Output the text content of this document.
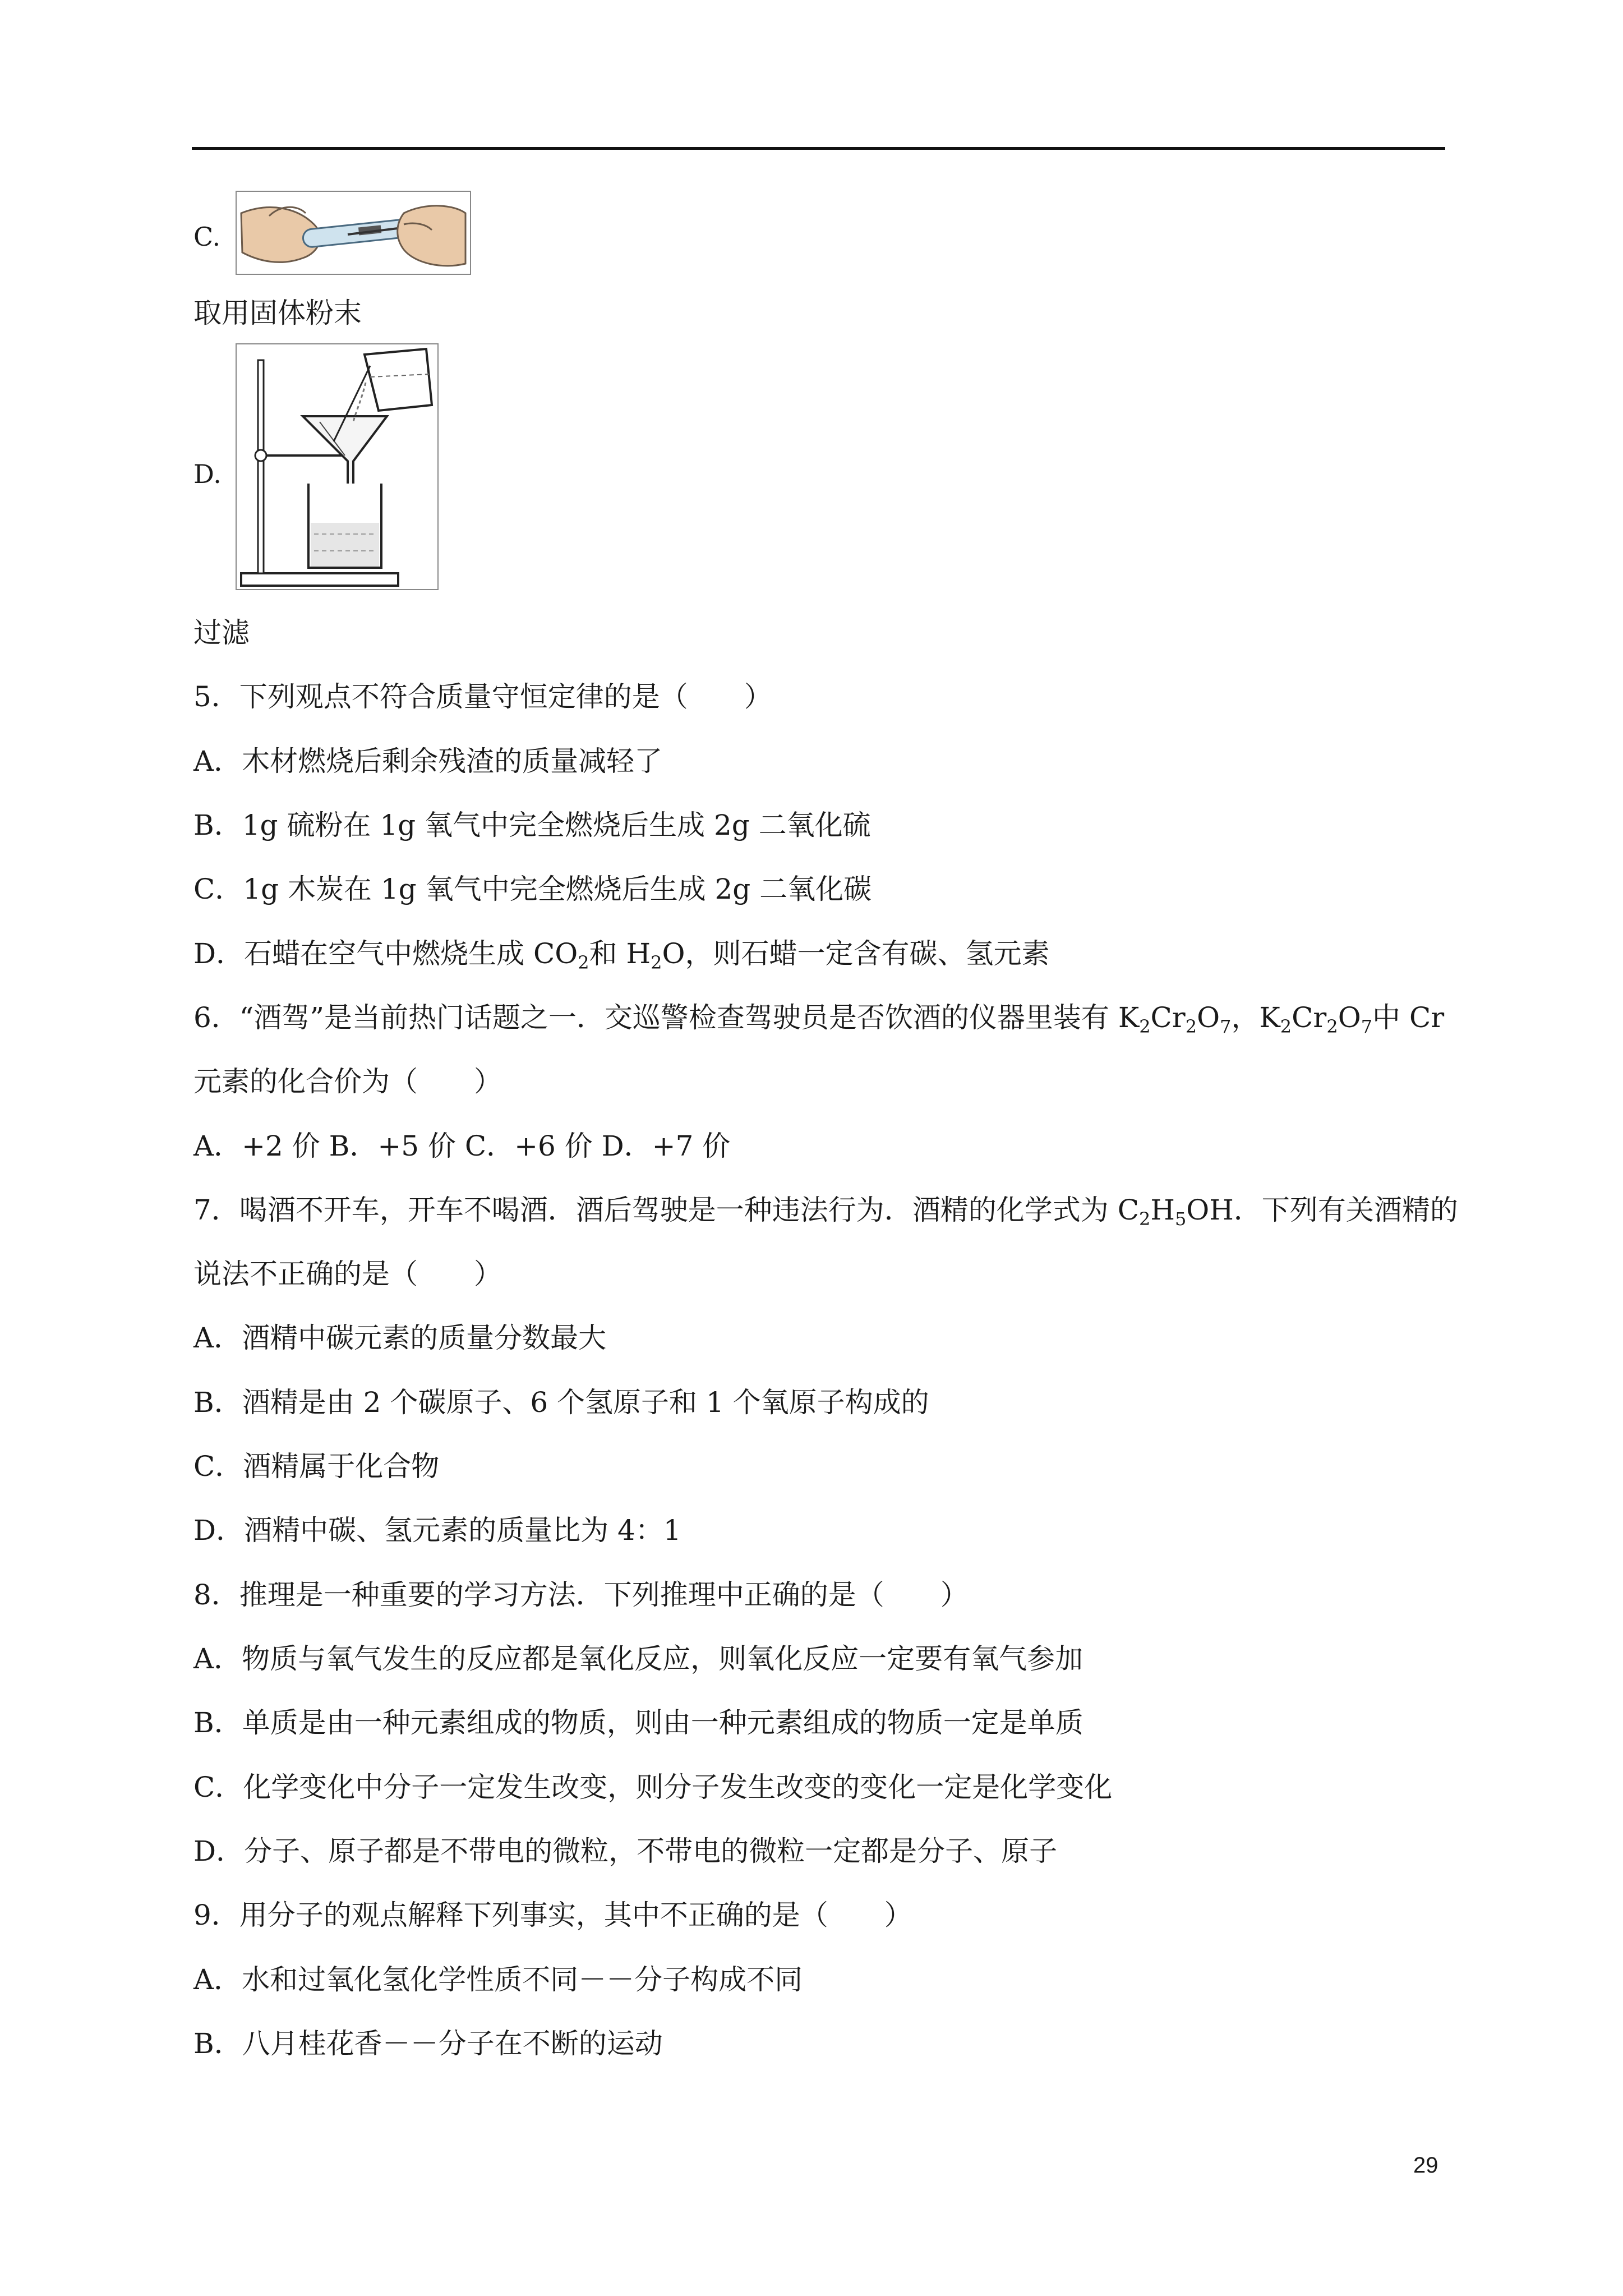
C.
取用固体粉末
D.
过滤
5．下列观点不符合质量守恒定律的是（　　）
A．木材燃烧后剩余残渣的质量减轻了
B．1g 硫粉在 1g 氧气中完全燃烧后生成 2g 二氧化硫
C．1g 木炭在 1g 氧气中完全燃烧后生成 2g 二氧化碳
D．石蜡在空气中燃烧生成 $CO_2$和 $H_2O$，则石蜡一定含有碳、氢元素
6．“酒驾”是当前热门话题之一．交巡警检查驾驶员是否饮酒的仪器里装有 $K_2Cr_2O_7$，$K_2Cr_2O_7$中 Cr
元素的化合价为（　　）
A．+2 价 B．+5 价 C．+6 价 D．+7 价
7．喝酒不开车，开车不喝酒．酒后驾驶是一种违法行为．酒精的化学式为 $C_2H_5OH$．下列有关酒精的
说法不正确的是（　　）
A．酒精中碳元素的质量分数最大
B．酒精是由 2 个碳原子、6 个氢原子和 1 个氧原子构成的
C．酒精属于化合物
D．酒精中碳、氢元素的质量比为 4：1
8．推理是一种重要的学习方法．下列推理中正确的是（　　）
A．物质与氧气发生的反应都是氧化反应，则氧化反应一定要有氧气参加
B．单质是由一种元素组成的物质，则由一种元素组成的物质一定是单质
C．化学变化中分子一定发生改变，则分子发生改变的变化一定是化学变化
D．分子、原子都是不带电的微粒，不带电的微粒一定都是分子、原子
9．用分子的观点解释下列事实，其中不正确的是（　　）
A．水和过氧化氢化学性质不同－－分子构成不同
B．八月桂花香－－分子在不断的运动
29
